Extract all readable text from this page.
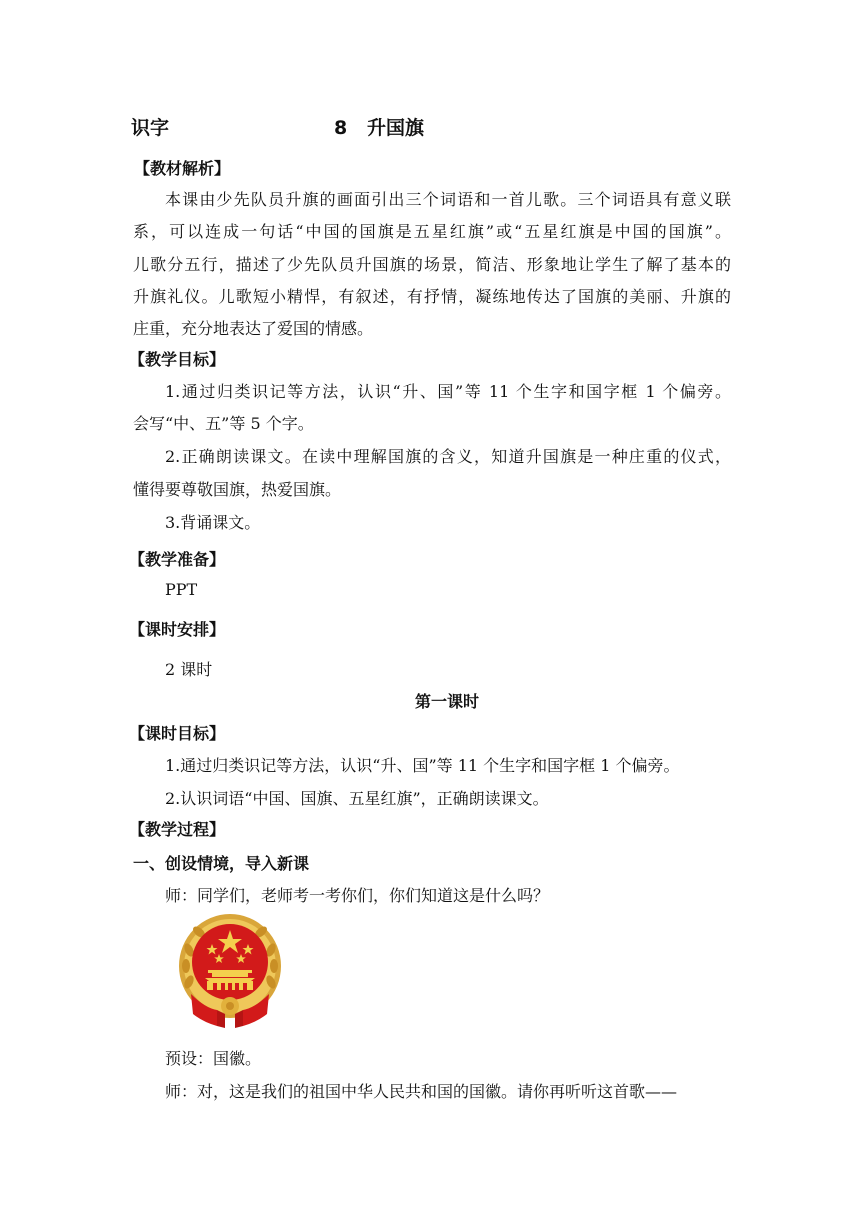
识字	8 升国旗
【教材解析】
本课由少先队员升旗的画面引出三个词语和一首儿歌。三个词语具有意义联
系，可以连成一句话“中国的国旗是五星红旗”或“五星红旗是中国的国旗”。
儿歌分五行，描述了少先队员升国旗的场景，简洁、形象地让学生了解了基本的
升旗礼仪。儿歌短小精悍，有叙述，有抒情，凝练地传达了国旗的美丽、升旗的
庄重，充分地表达了爱国的情感。
【教学目标】
1.通过归类识记等方法，认识“升、国”等 11 个生字和国字框 1 个偏旁。
会写“中、五”等 5 个字。
2.正确朗读课文。在读中理解国旗的含义，知道升国旗是一种庄重的仪式，
懂得要尊敬国旗，热爱国旗。
3.背诵课文。
【教学准备】
PPT
【课时安排】
2 课时
第一课时
【课时目标】
1.通过归类识记等方法，认识“升、国”等 11 个生字和国字框 1 个偏旁。
2.认识词语“中国、国旗、五星红旗”，正确朗读课文。
【教学过程】
一、创设情境，导入新课
师：同学们，老师考一考你们，你们知道这是什么吗？
预设：国徽。
师：对，这是我们的祖国中华人民共和国的国徽。请你再听听这首歌——
